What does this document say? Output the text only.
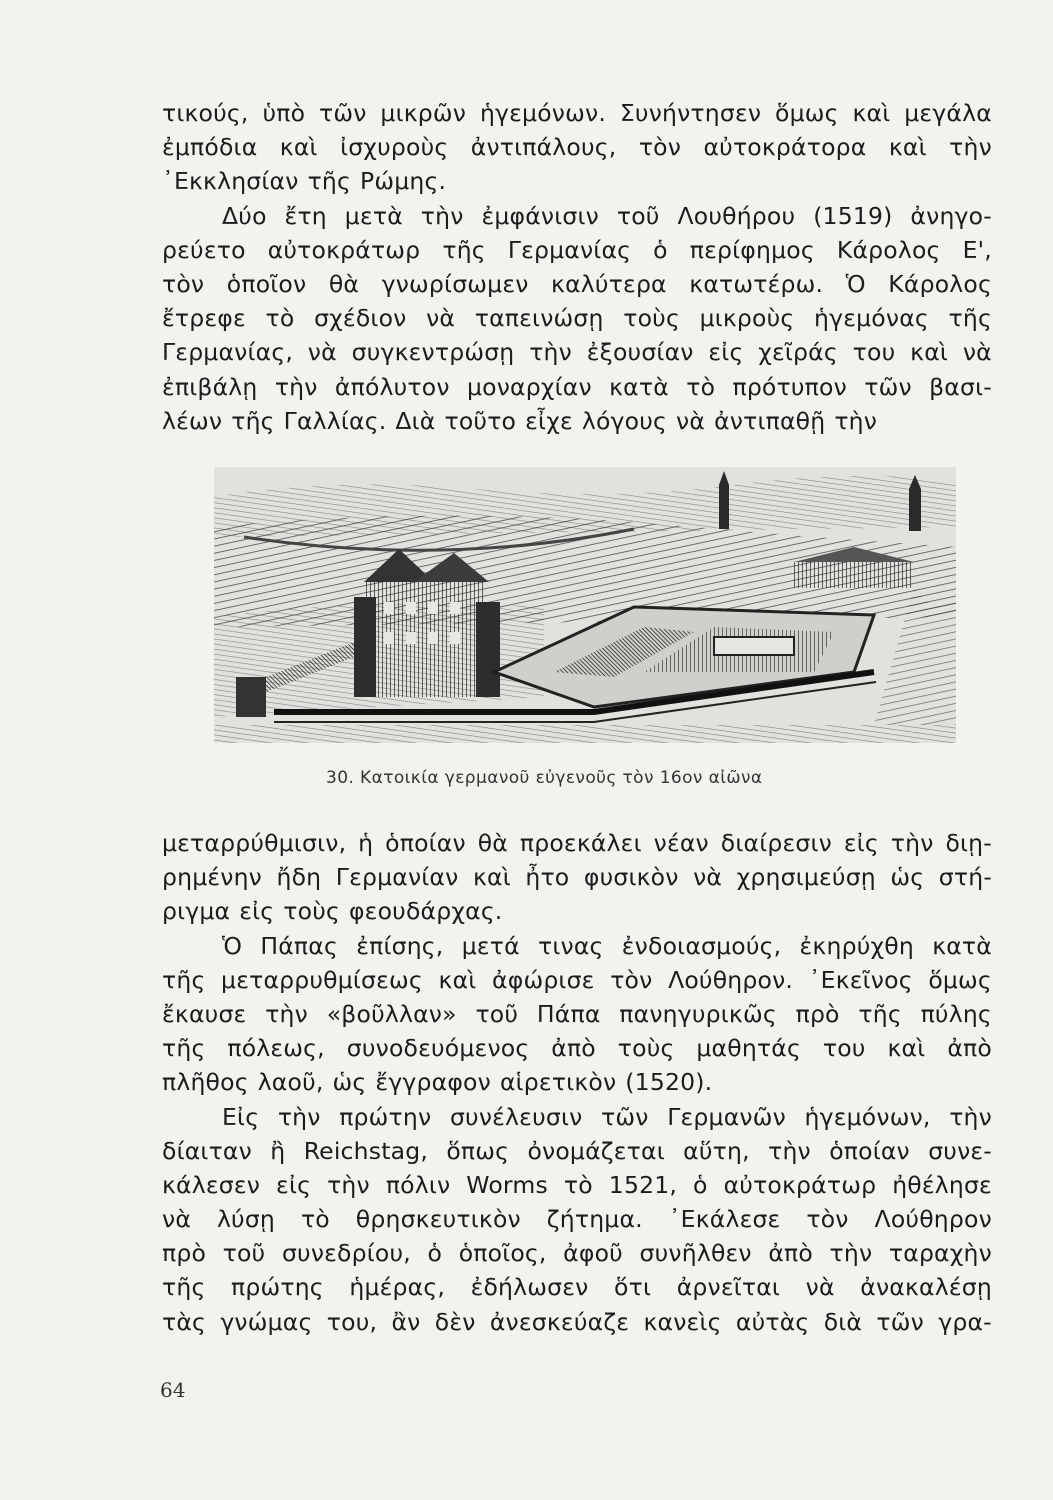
τικούς, ὑπὸ τῶν μικρῶν ἡγεμόνων. Συνήντησεν ὅμως καὶ μεγάλα
ἐμπόδια καὶ ἰσχυροὺς ἀντιπάλους, τὸν αὐτοκράτορα καὶ τὴν
᾿Εκκλησίαν τῆς Ρώμης.
Δύο ἔτη μετὰ τὴν ἐμφάνισιν τοῦ Λουθήρου (1519) ἀνηγο-
ρεύετο αὐτοκράτωρ τῆς Γερμανίας ὁ περίφημος Κάρολος Ε',
τὸν ὁποῖον θὰ γνωρίσωμεν καλύτερα κατωτέρω. Ὁ Κάρολος
ἔτρεφε τὸ σχέδιον νὰ ταπεινώσῃ τοὺς μικροὺς ἡγεμόνας τῆς
Γερμανίας, νὰ συγκεντρώσῃ τὴν ἐξουσίαν εἰς χεῖράς του καὶ νὰ
ἐπιβάλῃ τὴν ἀπόλυτον μοναρχίαν κατὰ τὸ πρότυπον τῶν βασι-
λέων τῆς Γαλλίας. Διὰ τοῦτο εἶχε λόγους νὰ ἀντιπαθῇ τὴν
30. Κατοικία γερμανοῦ εὐγενοῦς τὸν 16ον αἰῶνα
μεταρρύθμισιν, ἡ ὁποίαν θὰ προεκάλει νέαν διαίρεσιν εἰς τὴν διῃ-
ρημένην ἤδη Γερμανίαν καὶ ἦτο φυσικὸν νὰ χρησιμεύσῃ ὡς στή-
ριγμα εἰς τοὺς φεουδάρχας.
Ὁ Πάπας ἐπίσης, μετά τινας ἐνδοιασμούς, ἐκηρύχθη κατὰ
τῆς μεταρρυθμίσεως καὶ ἀφώρισε τὸν Λούθηρον. ᾿Εκεῖνος ὅμως
ἔκαυσε τὴν «βοῦλλαν» τοῦ Πάπα πανηγυρικῶς πρὸ τῆς πύλης
τῆς πόλεως, συνοδευόμενος ἀπὸ τοὺς μαθητάς του καὶ ἀπὸ
πλῆθος λαοῦ, ὡς ἔγγραφον αἱρετικὸν (1520).
Εἰς τὴν πρώτην συνέλευσιν τῶν Γερμανῶν ἡγεμόνων, τὴν
δίαιταν ἢ Reichstag, ὅπως ὀνομάζεται αὕτη, τὴν ὁποίαν συνε-
κάλεσεν εἰς τὴν πόλιν Worms τὸ 1521, ὁ αὐτοκράτωρ ἠθέλησε
νὰ λύσῃ τὸ θρησκευτικὸν ζήτημα. ᾿Εκάλεσε τὸν Λούθηρον
πρὸ τοῦ συνεδρίου, ὁ ὁποῖος, ἀφοῦ συνῆλθεν ἀπὸ τὴν ταραχὴν
τῆς πρώτης ἡμέρας, ἐδήλωσεν ὅτι ἀρνεῖται νὰ ἀνακαλέσῃ
τὰς γνώμας του, ἂν δὲν ἀνεσκεύαζε κανεὶς αὐτὰς διὰ τῶν γρα-
64
